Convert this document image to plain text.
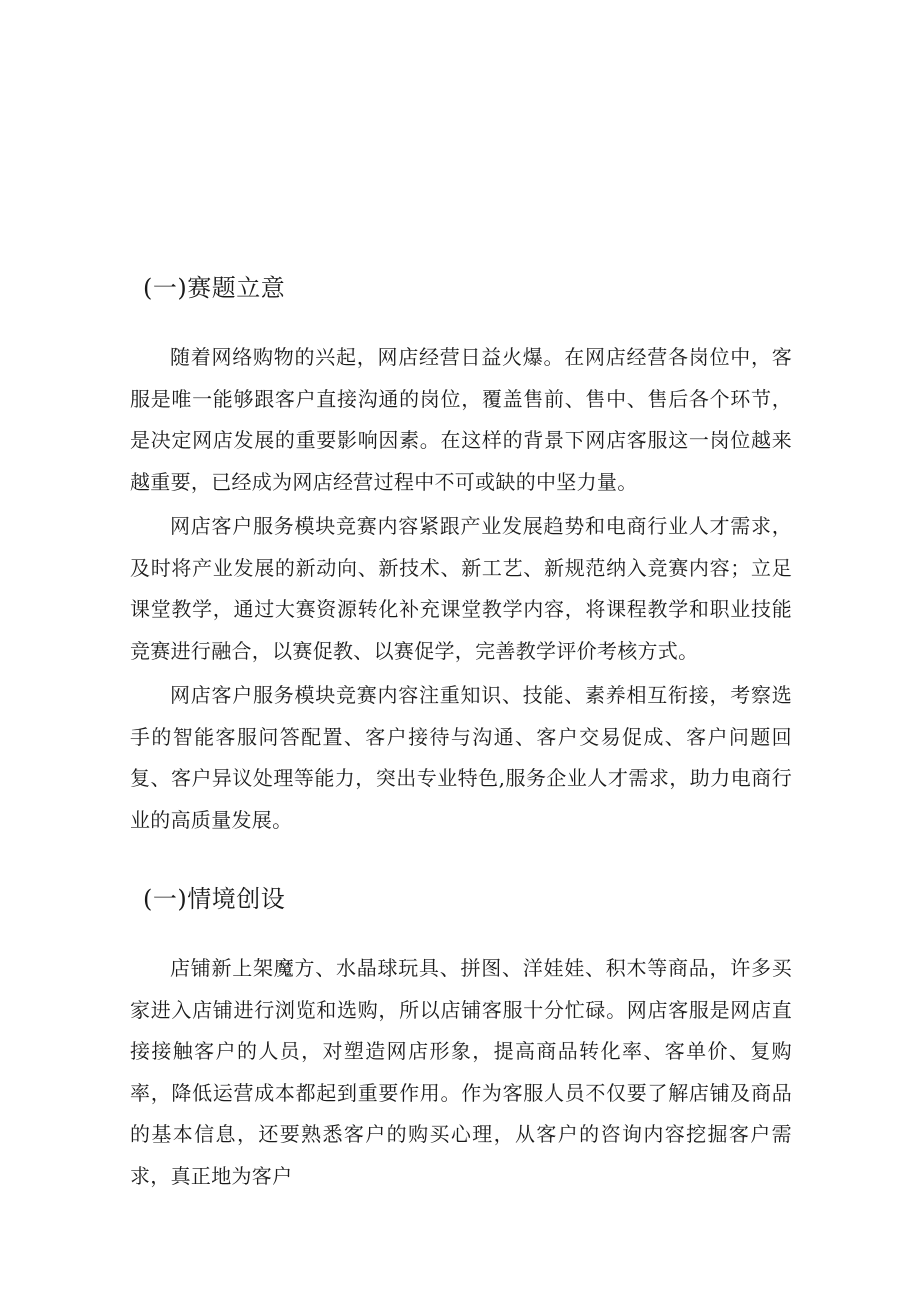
(一)赛题立意

随着网络购物的兴起，网店经营日益火爆。在网店经营各岗位中，客服是唯一能够跟客户直接沟通的岗位，覆盖售前、售中、售后各个环节，是决定网店发展的重要影响因素。在这样的背景下网店客服这一岗位越来越重要，已经成为网店经营过程中不可或缺的中坚力量。

网店客户服务模块竞赛内容紧跟产业发展趋势和电商行业人才需求，及时将产业发展的新动向、新技术、新工艺、新规范纳入竞赛内容；立足课堂教学，通过大赛资源转化补充课堂教学内容，将课程教学和职业技能竞赛进行融合，以赛促教、以赛促学，完善教学评价考核方式。

网店客户服务模块竞赛内容注重知识、技能、素养相互衔接，考察选手的智能客服问答配置、客户接待与沟通、客户交易促成、客户问题回复、客户异议处理等能力，突出专业特色,服务企业人才需求，助力电商行业的高质量发展。

(一)情境创设

店铺新上架魔方、水晶球玩具、拼图、洋娃娃、积木等商品，许多买家进入店铺进行浏览和选购，所以店铺客服十分忙碌。网店客服是网店直接接触客户的人员，对塑造网店形象，提高商品转化率、客单价、复购率，降低运营成本都起到重要作用。作为客服人员不仅要了解店铺及商品的基本信息，还要熟悉客户的购买心理，从客户的咨询内容挖掘客户需求，真正地为客户
